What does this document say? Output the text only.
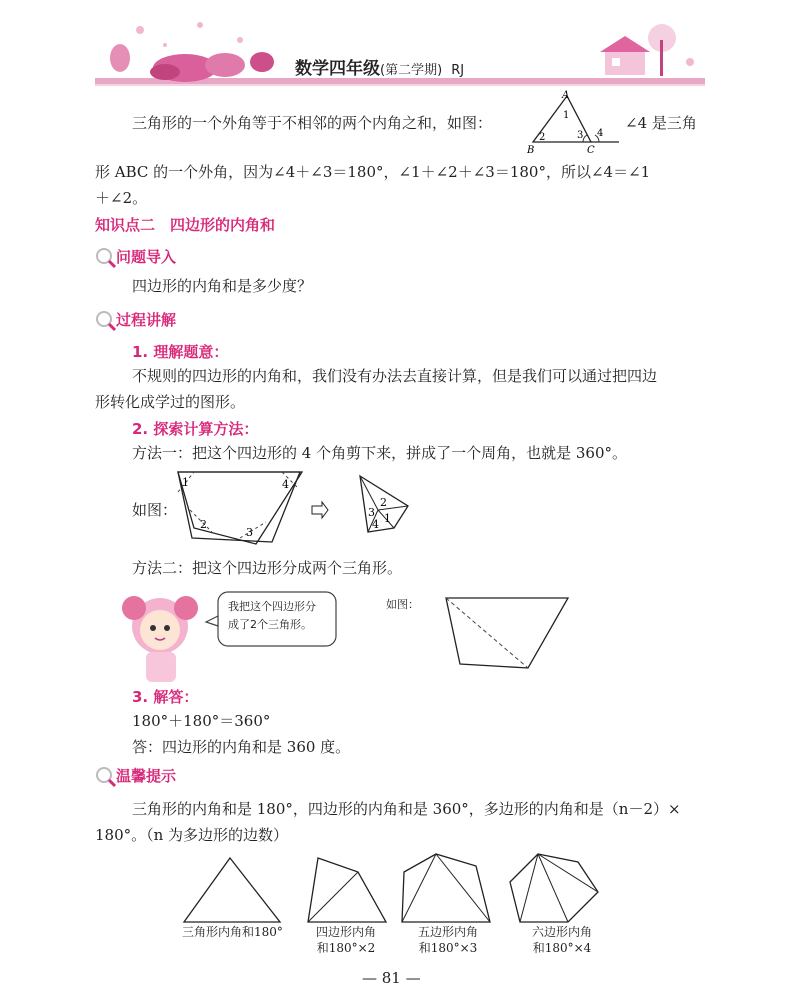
数学四年级(第二学期) RJ
三角形的一个外角等于不相邻的两个内角之和，如图：
A
1
2	3 4
B	C
∠4 是三角
形 ABC 的一个外角，因为∠4＋∠3＝180°，∠1＋∠2＋∠3＝180°，所以∠4＝∠1
＋∠2。
知识点二　四边形的内角和
问题导入
四边形的内角和是多少度？
过程讲解
1. 理解题意：
不规则的四边形的内角和，我们没有办法去直接计算，但是我们可以通过把四边
形转化成学过的图形。
2. 探索计算方法：
方法一：把这个四边形的 4 个角剪下来，拼成了一个周角，也就是 360°。
如图：
1
2
3
4
3
2
4 1
方法二：把这个四边形分成两个三角形。
我把这个四边形分
成了2个三角形。
如图：
3. 解答：
180°＋180°＝360°
答：四边形的内角和是 360 度。
温馨提示
三角形的内角和是 180°，四边形的内角和是 360°，多边形的内角和是（n－2）×
180°。（n 为多边形的边数）
三角形内角和180°	四边形内角
和180°×2
五边形内角
和180°×3
六边形内角
和180°×4
— 81 —
